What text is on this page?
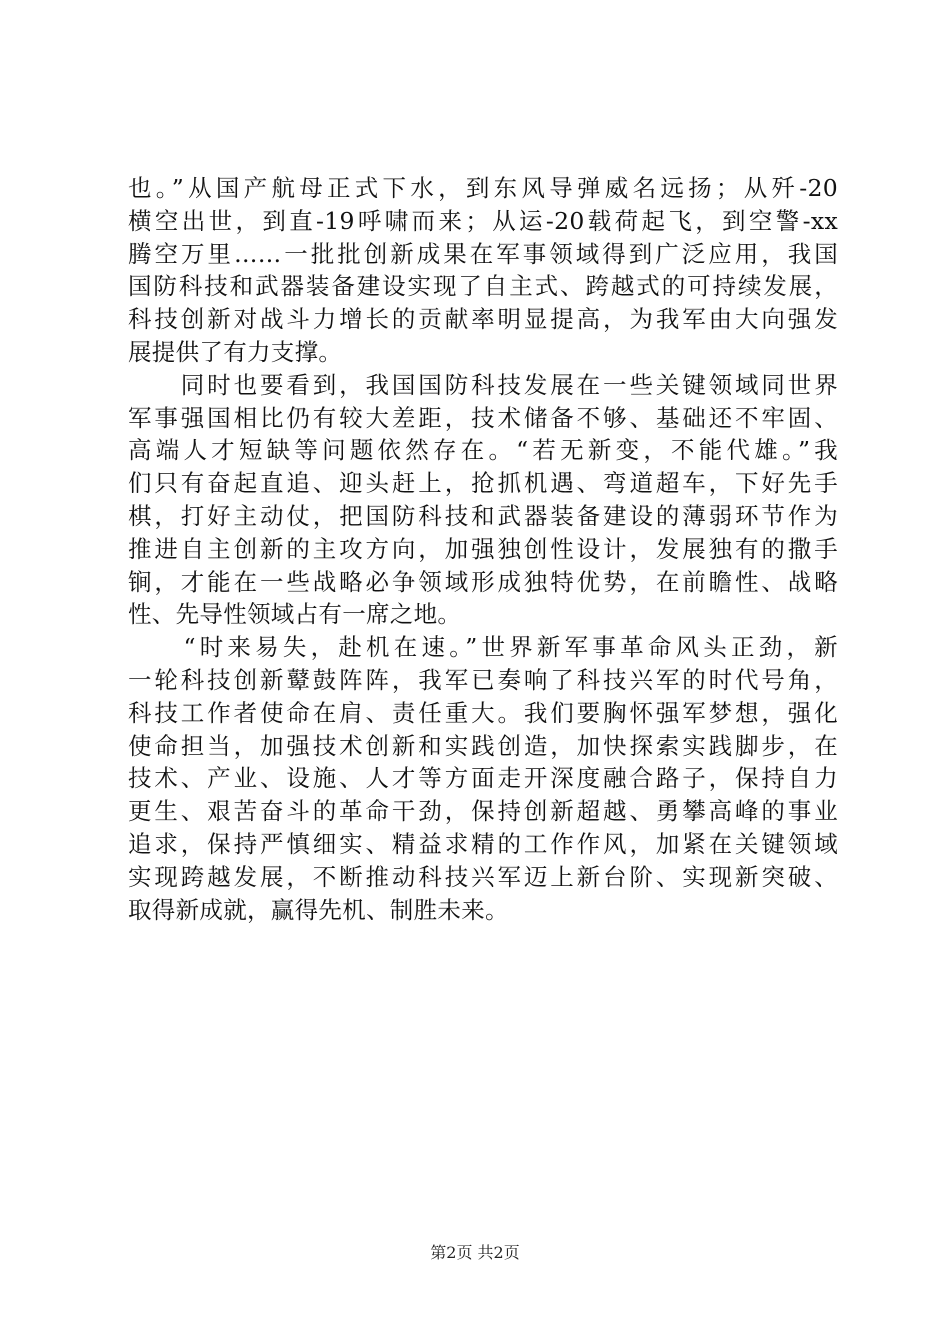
也。”从国产航母正式下水，到东风导弹威名远扬；从歼-20
横空出世，到直-19呼啸而来；从运-20载荷起飞，到空警-xx
腾空万里……一批批创新成果在军事领域得到广泛应用，我国
国防科技和武器装备建设实现了自主式、跨越式的可持续发展，
科技创新对战斗力增长的贡献率明显提高，为我军由大向强发
展提供了有力支撑。
　　同时也要看到，我国国防科技发展在一些关键领域同世界
军事强国相比仍有较大差距，技术储备不够、基础还不牢固、
高端人才短缺等问题依然存在。“若无新变，不能代雄。”我
们只有奋起直追、迎头赶上，抢抓机遇、弯道超车，下好先手
棋，打好主动仗，把国防科技和武器装备建设的薄弱环节作为
推进自主创新的主攻方向，加强独创性设计，发展独有的撒手
锏，才能在一些战略必争领域形成独特优势，在前瞻性、战略
性、先导性领域占有一席之地。
　　“时来易失，赴机在速。”世界新军事革命风头正劲，新
一轮科技创新鼙鼓阵阵，我军已奏响了科技兴军的时代号角，
科技工作者使命在肩、责任重大。我们要胸怀强军梦想，强化
使命担当，加强技术创新和实践创造，加快探索实践脚步，在
技术、产业、设施、人才等方面走开深度融合路子，保持自力
更生、艰苦奋斗的革命干劲，保持创新超越、勇攀高峰的事业
追求，保持严慎细实、精益求精的工作作风，加紧在关键领域
实现跨越发展，不断推动科技兴军迈上新台阶、实现新突破、
取得新成就，赢得先机、制胜未来。
第2页 共2页
